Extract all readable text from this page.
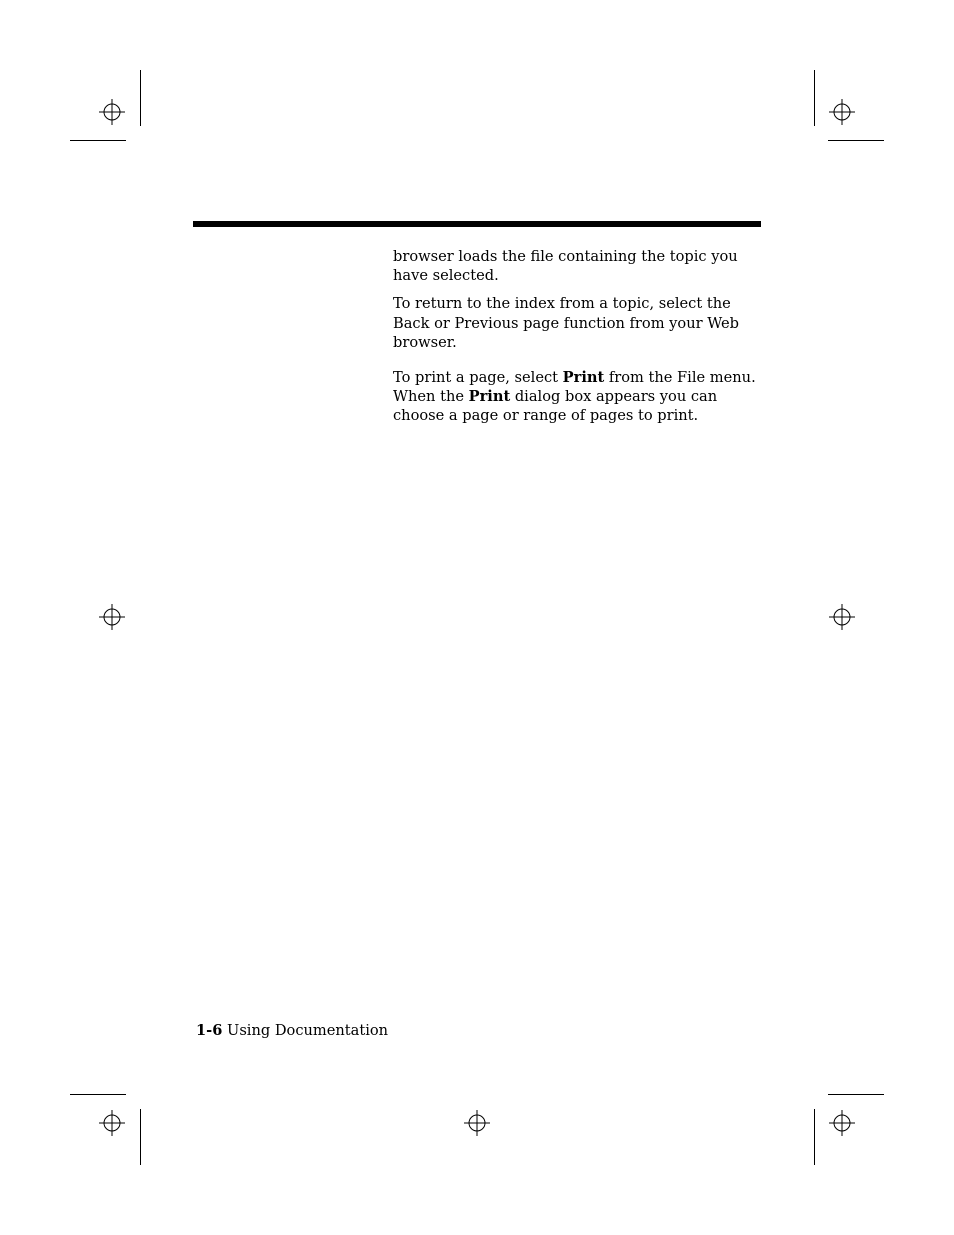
browser loads the file containing the topic you have selected.

To return to the index from a topic, select the Back or Previous page function from your Web browser.

To print a page, select Print from the File menu. When the Print dialog box appears you can choose a page or range of pages to print.

1-6 Using Documentation
